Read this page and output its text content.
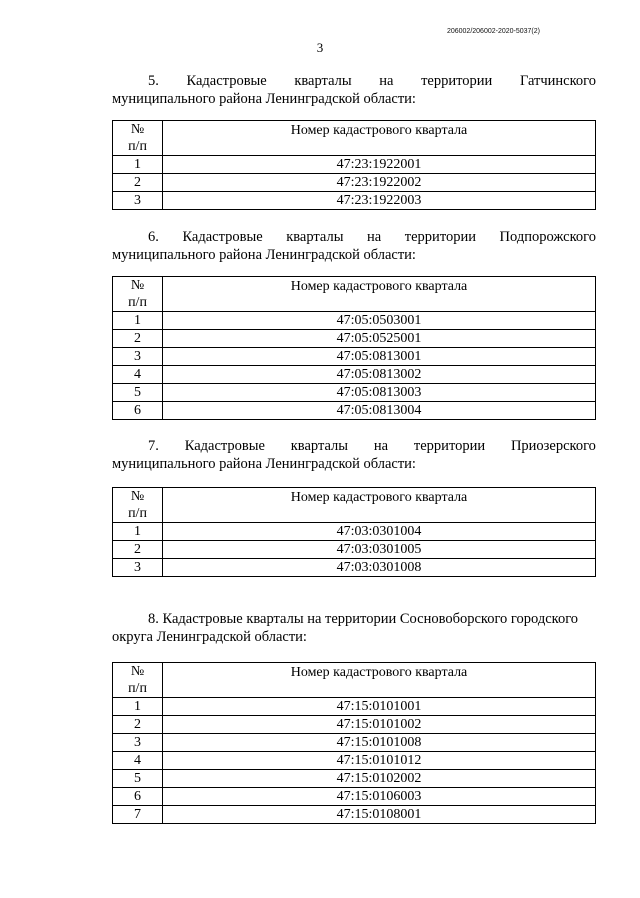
206002/206002-2020-5037(2)
3
5. Кадастровые кварталы на территории Гатчинского
муниципального района Ленинградской области:
№
п/п	Номер кадастрового квартала
1	47:23:1922001
2	47:23:1922002
3	47:23:1922003
6. Кадастровые кварталы на территории Подпорожского
муниципального района Ленинградской области:
№
п/п	Номер кадастрового квартала
1	47:05:0503001
2	47:05:0525001
3	47:05:0813001
4	47:05:0813002
5	47:05:0813003
6	47:05:0813004
7. Кадастровые кварталы на территории Приозерского
муниципального района Ленинградской области:
№
п/п	Номер кадастрового квартала
1	47:03:0301004
2	47:03:0301005
3	47:03:0301008
8. Кадастровые кварталы на территории Сосновоборского городского
округа Ленинградской области:
№
п/п	Номер кадастрового квартала
1	47:15:0101001
2	47:15:0101002
3	47:15:0101008
4	47:15:0101012
5	47:15:0102002
6	47:15:0106003
7	47:15:0108001
